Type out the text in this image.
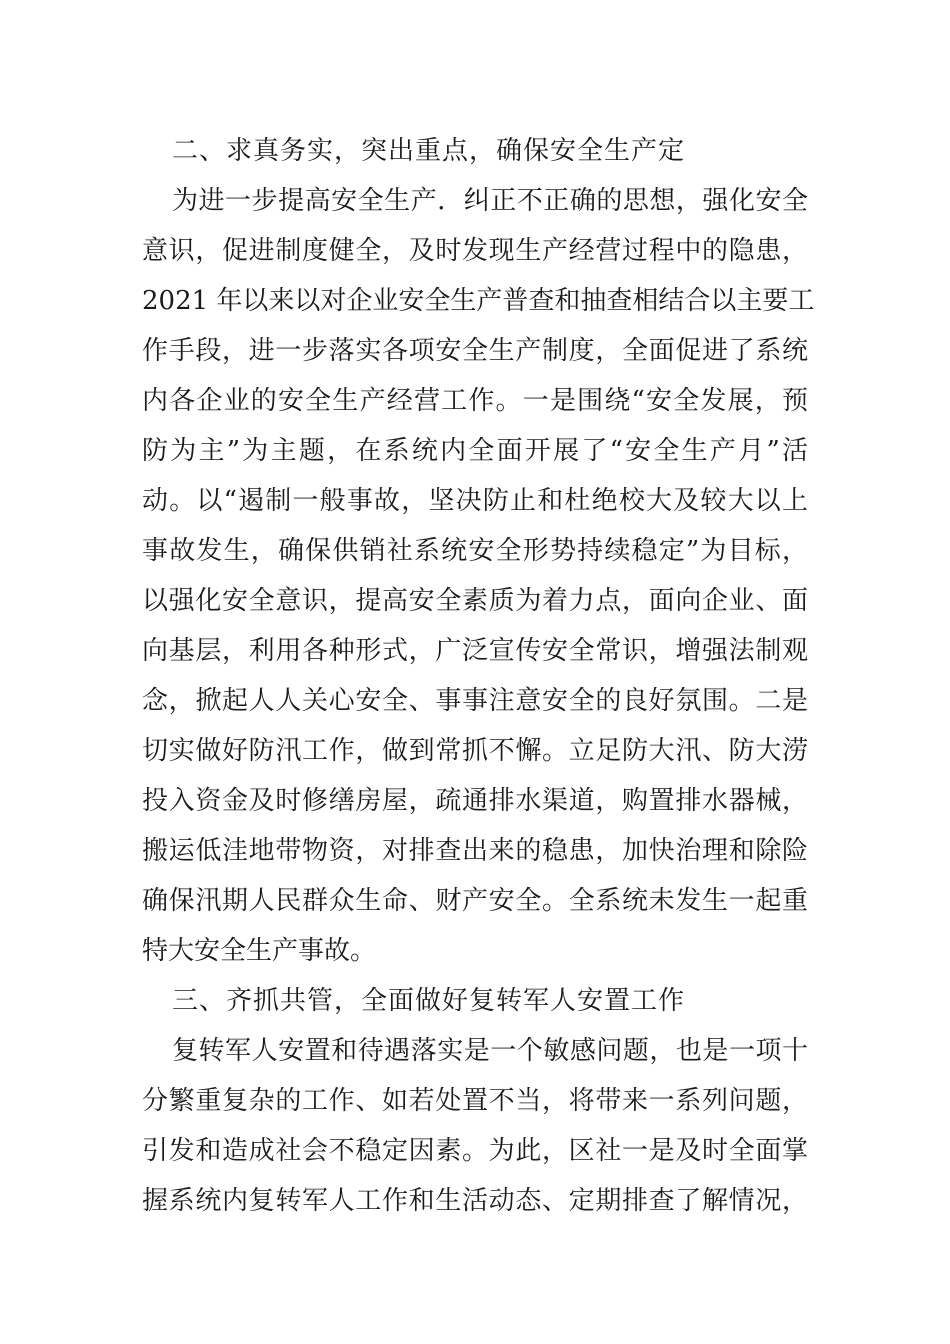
二、求真务实，突出重点，确保安全生产定
为进一步提高安全生产．纠正不正确的思想，强化安全
意识，促进制度健全，及时发现生产经营过程中的隐患，
2021 年以来以对企业安全生产普查和抽查相结合以主要工
作手段，进一步落实各项安全生产制度，全面促进了系统
内各企业的安全生产经营工作。一是围绕“安全发展，预
防为主”为主题，在系统内全面开展了“安全生产月”活
动。以“遏制一般事故，坚决防止和杜绝校大及较大以上
事故发生，确保供销社系统安全形势持续稳定”为目标，
以强化安全意识，提高安全素质为着力点，面向企业、面
向基层，利用各种形式，广泛宣传安全常识，增强法制观
念，掀起人人关心安全、事事注意安全的良好氛围。二是
切实做好防汛工作，做到常抓不懈。立足防大汛、防大涝
投入资金及时修缮房屋，疏通排水渠道，购置排水器械，
搬运低洼地带物资，对排查出来的稳患，加快治理和除险
确保汛期人民群众生命、财产安全。全系统未发生一起重
特大安全生产事故。
三、齐抓共管，全面做好复转军人安置工作
复转军人安置和待遇落实是一个敏感问题，也是一项十
分繁重复杂的工作、如若处置不当，将带来一系列问题，
引发和造成社会不稳定因素。为此，区社一是及时全面掌
握系统内复转军人工作和生活动态、定期排查了解情况，
